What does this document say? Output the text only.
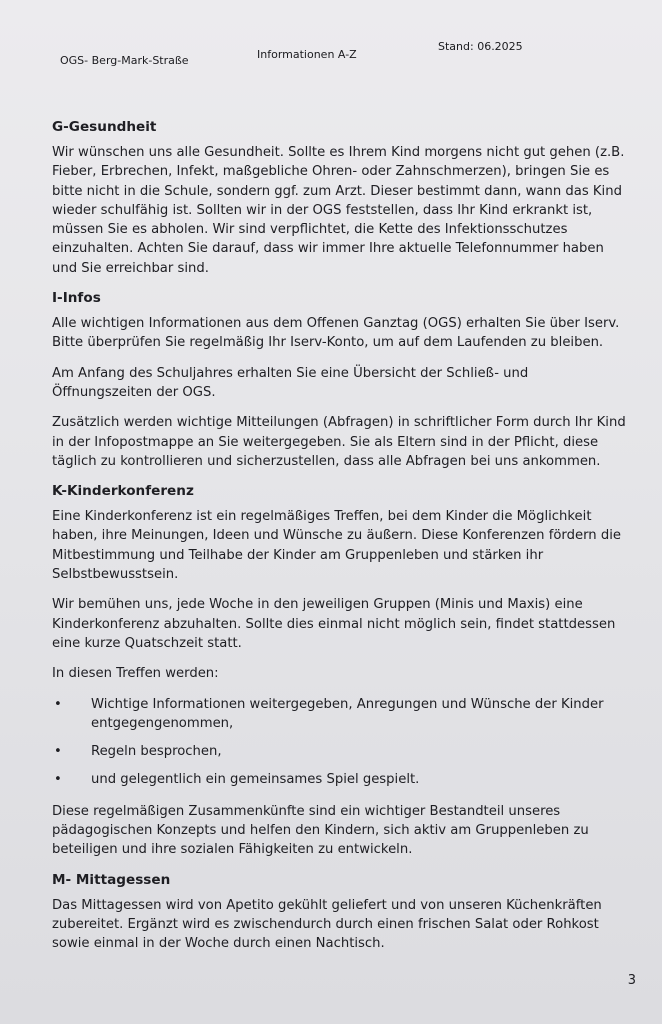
OGS- Berg-Mark-Straße	Informationen A-Z
Stand: 06.2025
G-Gesundheit

Wir wünschen uns alle Gesundheit. Sollte es Ihrem Kind morgens nicht gut gehen (z.B. Fieber, Erbrechen, Infekt, maßgebliche Ohren- oder Zahnschmerzen), bringen Sie es bitte nicht in die Schule, sondern ggf. zum Arzt. Dieser bestimmt dann, wann das Kind wieder schulfähig ist. Sollten wir in der OGS feststellen, dass Ihr Kind erkrankt ist, müssen Sie es abholen. Wir sind verpflichtet, die Kette des Infektionsschutzes einzuhalten. Achten Sie darauf, dass wir immer Ihre aktuelle Telefonnummer haben und Sie erreichbar sind.

I-Infos

Alle wichtigen Informationen aus dem Offenen Ganztag (OGS) erhalten Sie über Iserv. Bitte überprüfen Sie regelmäßig Ihr Iserv-Konto, um auf dem Laufenden zu bleiben.

Am Anfang des Schuljahres erhalten Sie eine Übersicht der Schließ- und Öffnungszeiten der OGS.

Zusätzlich werden wichtige Mitteilungen (Abfragen) in schriftlicher Form durch Ihr Kind in der Infopostmappe an Sie weitergegeben. Sie als Eltern sind in der Pflicht, diese täglich zu kontrollieren und sicherzustellen, dass alle Abfragen bei uns ankommen.

K-Kinderkonferenz

Eine Kinderkonferenz ist ein regelmäßiges Treffen, bei dem Kinder die Möglichkeit haben, ihre Meinungen, Ideen und Wünsche zu äußern. Diese Konferenzen fördern die Mitbestimmung und Teilhabe der Kinder am Gruppenleben und stärken ihr Selbstbewusstsein.

Wir bemühen uns, jede Woche in den jeweiligen Gruppen (Minis und Maxis) eine Kinderkonferenz abzuhalten. Sollte dies einmal nicht möglich sein, findet stattdessen eine kurze Quatschzeit statt.

In diesen Treffen werden:

• Wichtige Informationen weitergegeben, Anregungen und Wünsche der Kinder entgegengenommen,
• Regeln besprochen,
• und gelegentlich ein gemeinsames Spiel gespielt.

Diese regelmäßigen Zusammenkünfte sind ein wichtiger Bestandteil unseres pädagogischen Konzepts und helfen den Kindern, sich aktiv am Gruppenleben zu beteiligen und ihre sozialen Fähigkeiten zu entwickeln.

M- Mittagessen

Das Mittagessen wird von Apetito gekühlt geliefert und von unseren Küchenkräften zubereitet. Ergänzt wird es zwischendurch durch einen frischen Salat oder Rohkost sowie einmal in der Woche durch einen Nachtisch.

3
